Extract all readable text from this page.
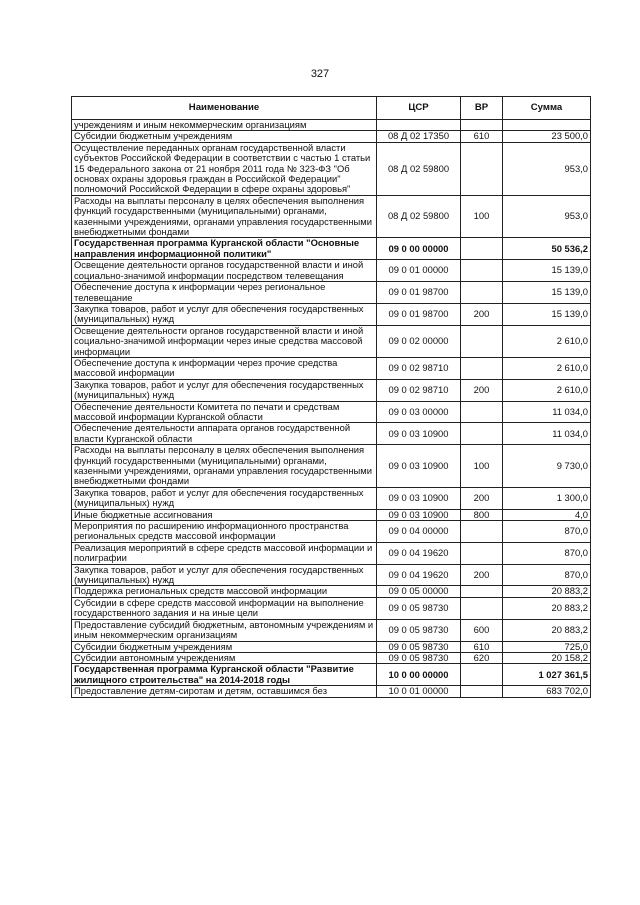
327
Наименование	ЦСР	ВР	Сумма
учреждениям и иным некоммерческим организациям			
Субсидии бюджетным учреждениям	08 Д 02 17350	610	23 500,0
Осуществление переданных органам государственной власти субъектов Российской Федерации в соответствии с частью 1 статьи 15 Федерального закона от 21 ноября 2011 года № 323-ФЗ "Об основах охраны здоровья граждан в Российской Федерации" полномочий Российской Федерации в сфере охраны здоровья"	08 Д 02 59800		953,0
Расходы на выплаты персоналу в целях обеспечения выполнения функций государственными (муниципальными) органами, казенными учреждениями, органами управления государственными внебюджетными фондами	08 Д 02 59800	100	953,0
Государственная программа Курганской области "Основные направления информационной политики"	09 0 00 00000		50 536,2
Освещение деятельности органов государственной власти и иной социально-значимой информации посредством телевещания	09 0 01 00000		15 139,0
Обеспечение доступа к информации через региональное телевещание	09 0 01 98700		15 139,0
Закупка товаров, работ и услуг для обеспечения государственных (муниципальных) нужд	09 0 01 98700	200	15 139,0
Освещение деятельности органов государственной власти и иной социально-значимой информации через иные средства массовой информации	09 0 02 00000		2 610,0
Обеспечение доступа к информации через прочие средства массовой информации	09 0 02 98710		2 610,0
Закупка товаров, работ и услуг для обеспечения государственных (муниципальных) нужд	09 0 02 98710	200	2 610,0
Обеспечение деятельности Комитета по печати и средствам массовой информации Курганской области	09 0 03 00000		11 034,0
Обеспечение деятельности аппарата органов государственной власти Курганской области	09 0 03 10900		11 034,0
Расходы на выплаты персоналу в целях обеспечения выполнения функций государственными (муниципальными) органами, казенными учреждениями, органами управления государственными внебюджетными фондами	09 0 03 10900	100	9 730,0
Закупка товаров, работ и услуг для обеспечения государственных (муниципальных) нужд	09 0 03 10900	200	1 300,0
Иные бюджетные ассигнования	09 0 03 10900	800	4,0
Мероприятия по расширению информационного пространства региональных средств массовой информации	09 0 04 00000		870,0
Реализация мероприятий в сфере средств массовой информации и полиграфии	09 0 04 19620		870,0
Закупка товаров, работ и услуг для обеспечения государственных (муниципальных) нужд	09 0 04 19620	200	870,0
Поддержка региональных средств массовой информации	09 0 05 00000		20 883,2
Субсидии в сфере средств массовой информации на выполнение государственного задания и на иные цели	09 0 05 98730		20 883,2
Предоставление субсидий бюджетным, автономным учреждениям и иным некоммерческим организациям	09 0 05 98730	600	20 883,2
Субсидии бюджетным учреждениям	09 0 05 98730	610	725,0
Субсидии автономным учреждениям	09 0 05 98730	620	20 158,2
Государственная программа Курганской области "Развитие жилищного строительства" на 2014-2018 годы	10 0 00 00000		1 027 361,5
Предоставление детям-сиротам и детям, оставшимся без	10 0 01 00000		683 702,0
